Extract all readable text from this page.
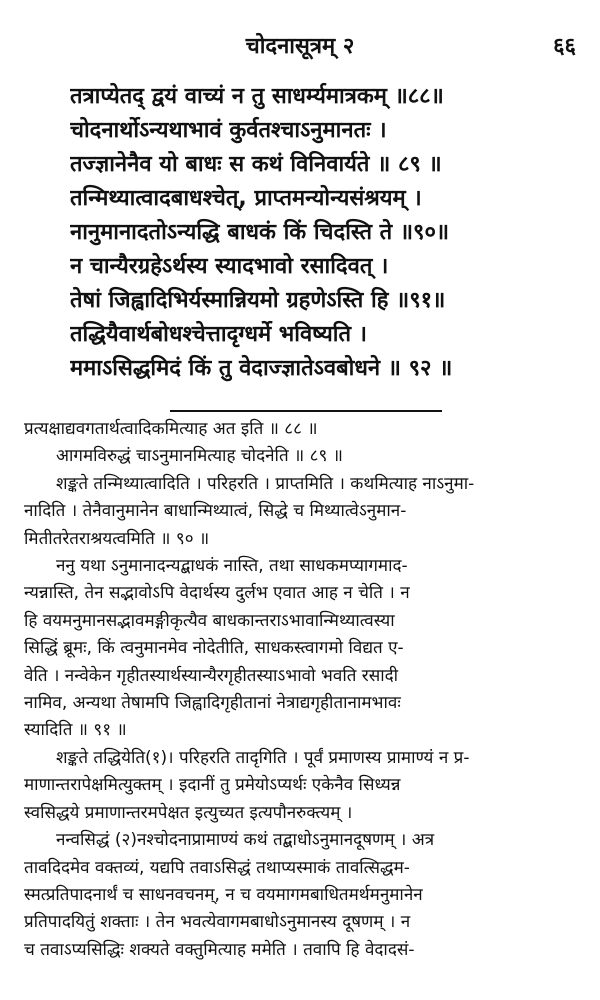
चोदनासूत्रम् २	६६
तत्राप्येतद् द्वयं वाच्यं न तु साधर्म्यमात्रकम् ॥८८॥
चोदनार्थोऽन्यथाभावं कुर्वतश्चाऽनुमानतः ।
तज्ज्ञानेनैव यो बाधः स कथं विनिवार्यते ॥ ८९ ॥
तन्मिथ्यात्वादबाधश्चेत्, प्राप्तमन्योन्यसंश्रयम् ।
नानुमानादतोऽन्यद्धि बाधकं किं चिदस्ति ते ॥९०॥
न चान्यैरग्रहेऽर्थस्य स्यादभावो रसादिवत् ।
तेषां जिह्वादिभिर्यस्मान्नियमो ग्रहणेऽस्ति हि ॥९१॥
तद्धियैवार्थबोधश्चेत्तादृग्धर्मे भविष्यति ।
ममाऽसिद्धमिदं किं तु वेदाज्ज्ञातेऽवबोधने ॥ ९२ ॥
प्रत्यक्षाद्यवगतार्थत्वादिकमित्याह अत इति ॥ ८८ ॥
आगमविरुद्धं चाऽनुमानमित्याह चोदनेति ॥ ८९ ॥
शङ्कते तन्मिथ्यात्वादिति । परिहरति । प्राप्तमिति । कथमित्याह नाऽनुमा-
नादिति । तेनैवानुमानेन बाधान्मिथ्यात्वं, सिद्धे च मिथ्यात्वेऽनुमान-
मितीतरेतराश्रयत्वमिति ॥ ९० ॥
ननु यथा ऽनुमानादन्यद्बाधकं नास्ति, तथा साधकमप्यागमाद-
न्यन्नास्ति, तेन सद्भावोऽपि वेदार्थस्य दुर्लभ एवात आह न चेति । न
हि वयमनुमानसद्भावमङ्गीकृत्यैव बाधकान्तराऽभावान्मिथ्यात्वस्या
सिद्धिं ब्रूमः, किं त्वनुमानमेव नोदेतीति, साधकस्त्वागमो विद्यत ए-
वेति । नन्वेकेन गृहीतस्यार्थस्यान्यैरगृहीतस्याऽभावो भवति रसादी
नामिव, अन्यथा तेषामपि जिह्वादिगृहीतानां नेत्राद्यगृहीतानामभावः
स्यादिति ॥ ९१ ॥
शङ्कते तद्धियेति(१)। परिहरति तादृगिति । पूर्वं प्रमाणस्य प्रामाण्यं न प्र-
माणान्तरापेक्षमित्युक्तम् । इदानीं तु प्रमेयोऽप्यर्थः एकेनैव सिध्यन्न
स्वसिद्धये प्रमाणान्तरमपेक्षत इत्युच्यत इत्यपौनरुक्त्यम् ।
नन्वसिद्धं (२)नश्चोदनाप्रामाण्यं कथं तद्बाधोऽनुमानदूषणम् । अत्र
तावदिदमेव वक्तव्यं, यद्यपि तवाऽसिद्धं तथाप्यस्माकं तावत्सिद्धम-
स्मत्प्रतिपादनार्थं च साधनवचनम्, न च वयमागमबाधितमर्थमनुमानेन
प्रतिपादयितुं शक्ताः । तेन भवत्येवागमबाधोऽनुमानस्य दूषणम् । न
च तवाऽप्यसिद्धिः शक्यते वक्तुमित्याह ममेति । तवापि हि वेदादसं-
